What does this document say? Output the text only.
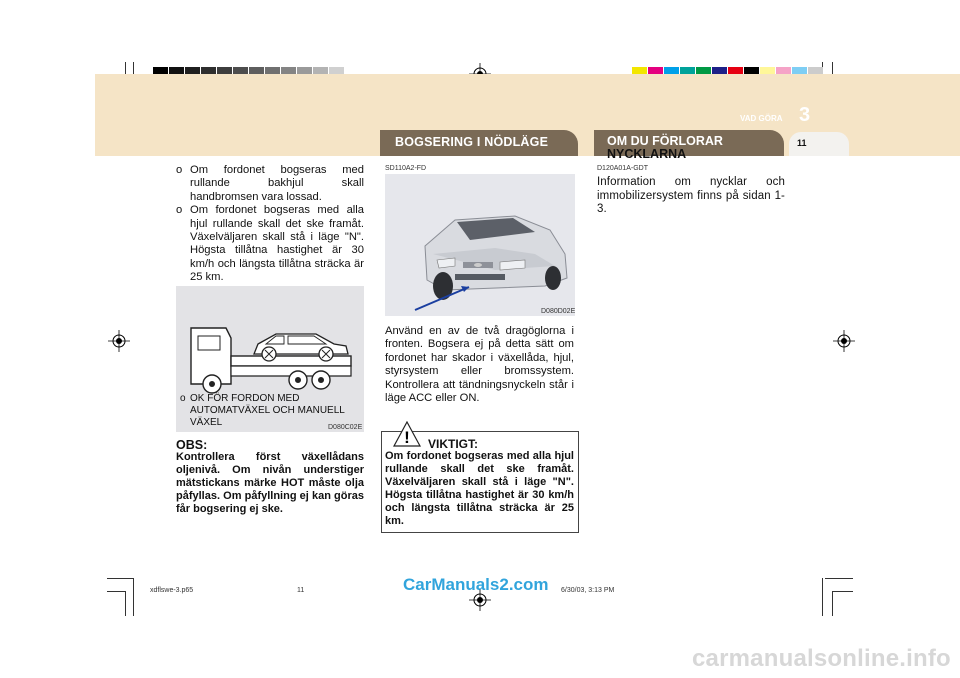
VAD GÖRA 3
11
BOGSERING I NÖDLÄGE	OM DU FÖRLORAR
NYCKLARNA
o Om fordonet bogseras med rullande bakhjul skall handbromsen vara lossad.
o Om fordonet bogseras med alla hjul rullande skall det ske framåt. Växelväljaren skall stå i läge "N". Högsta tillåtna hastighet är 30 km/h och längsta tillåtna sträcka är 25 km.
o OK FÖR FORDON MED AUTOMATVÄXEL OCH MANUELL VÄXEL	D080C02E
OBS:
Kontrollera först växellådans oljenivå. Om nivån understiger mätstickans märke HOT måste olja påfyllas. Om påfyllning ej kan göras får bogsering ej ske.
SD110A2-FD
D080D02E
Använd en av de två dragöglorna i fronten. Bogsera ej på detta sätt om fordonet har skador i växellåda, hjul, styrsystem eller bromssystem. Kontrollera att tändningsnyckeln står i läge ACC eller ON.
! VIKTIGT:
Om fordonet bogseras med alla hjul rullande skall det ske framåt. Växelväljaren skall stå i läge "N". Högsta tillåtna hastighet är 30 km/h och längsta tillåtna sträcka är 25 km.
D120A01A-GDT
Information om nycklar och immobilizersystem finns på sidan 1-3.
xdflswe-3.p65	11	6/30/03, 3:13 PM
CarManuals2.com
carmanualsonline.info
